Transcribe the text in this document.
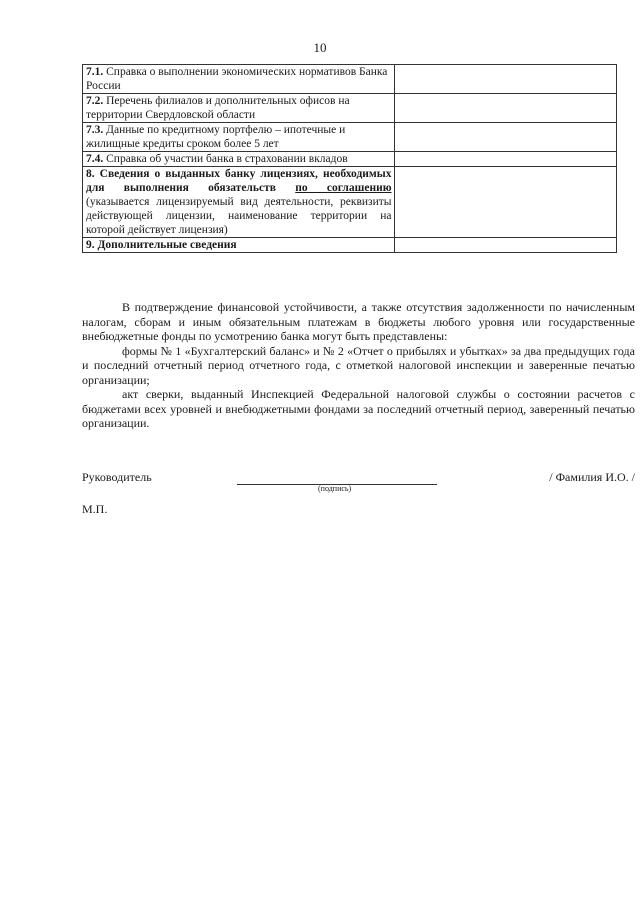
10
7.1. Справка о выполнении экономических нормативов Банка России	
7.2. Перечень филиалов и дополнительных офисов на территории Свердловской области	
7.3. Данные по кредитному портфелю – ипотечные и жилищные кредиты сроком более 5 лет	
7.4. Справка об участии банка в страховании вкладов	
8. Сведения о выданных банку лицензиях, необходимых для выполнения обязательств по соглашению (указывается лицензируемый вид деятельности, реквизиты действующей лицензии, наименование территории на которой действует лицензия)	
9. Дополнительные сведения	

В подтверждение финансовой устойчивости, а также отсутствия задолженности по начисленным налогам, сборам и иным обязательным платежам в бюджеты любого уровня или государственные внебюджетные фонды по усмотрению банка могут быть представлены:

формы № 1 «Бухгалтерский баланс» и № 2 «Отчет о прибылях и убытках» за два предыдущих года и последний отчетный период отчетного года, с отметкой налоговой инспекции и заверенные печатью организации;

акт сверки, выданный Инспекцией Федеральной налоговой службы о состоянии расчетов с бюджетами всех уровней и внебюджетными фондами за последний отчетный период, заверенный печатью организации.

Руководитель
(подпись)
/ Фамилия И.О. /
М.П.
